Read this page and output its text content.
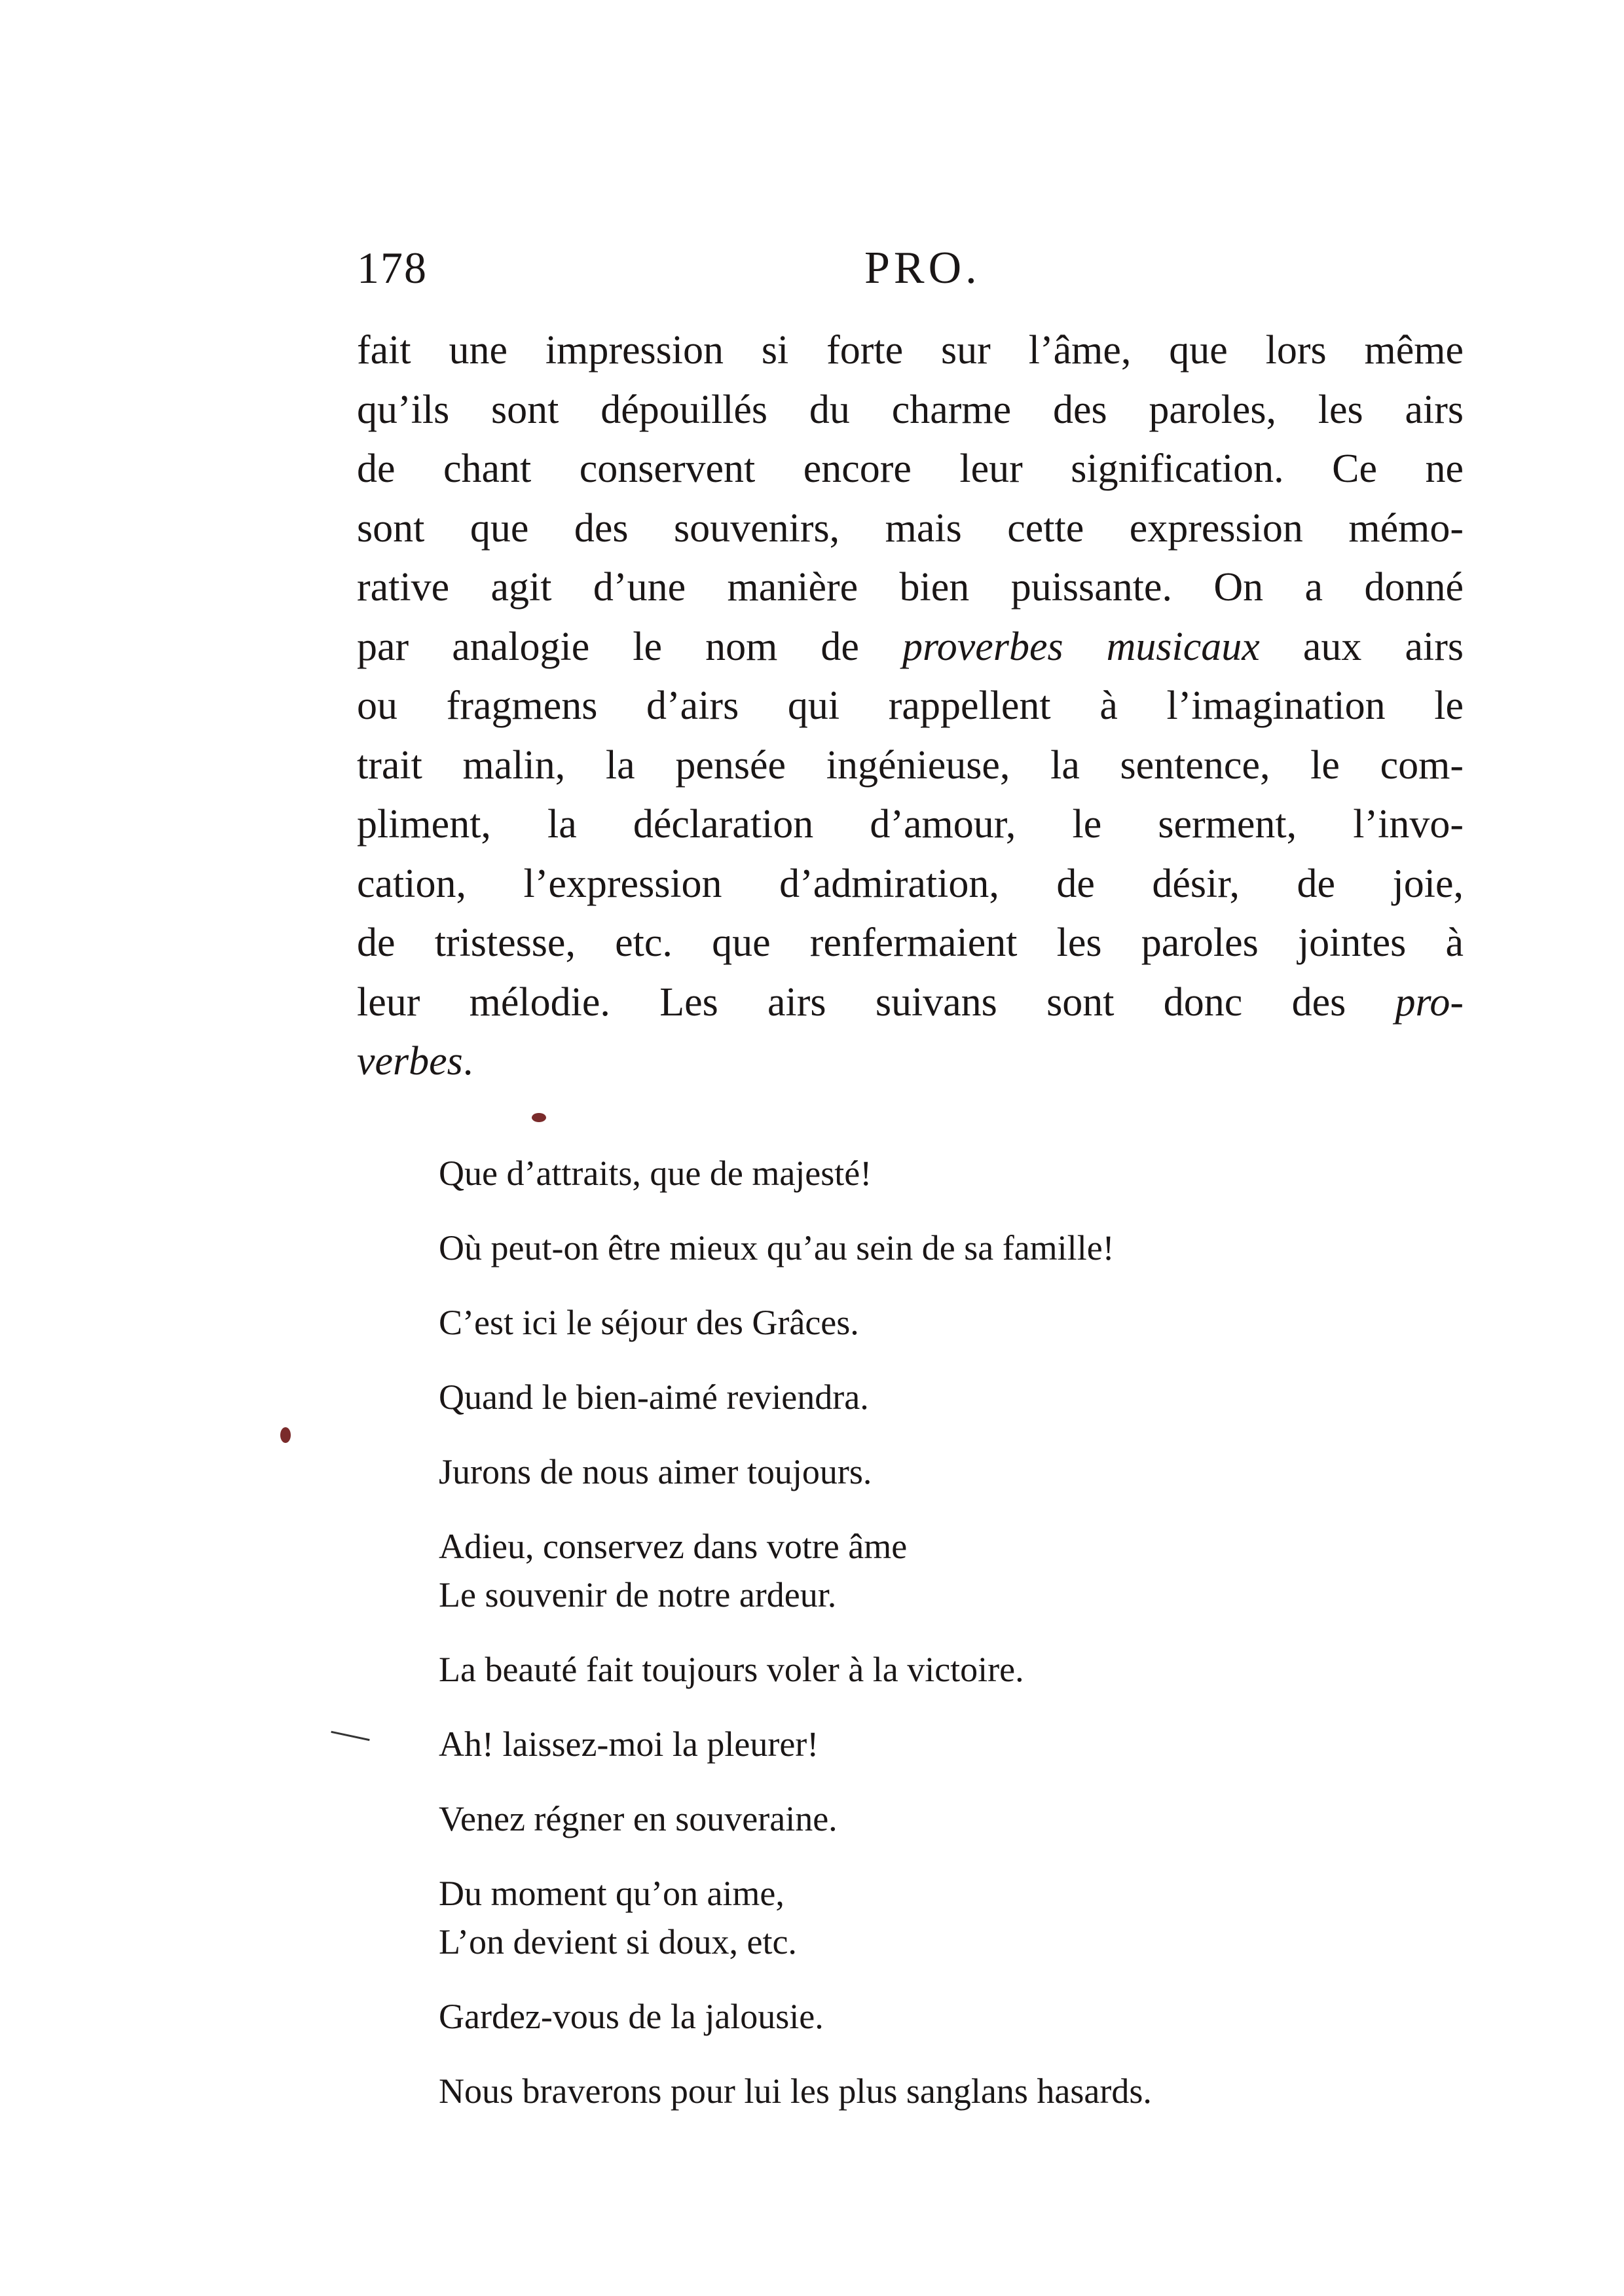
178	PRO.
fait une impression si forte sur l’âme, que lors même
qu’ils sont dépouillés du charme des paroles, les airs
de chant conservent encore leur signification. Ce ne
sont que des souvenirs, mais cette expression mémo-
rative agit d’une manière bien puissante. On a donné
par analogie le nom de proverbes musicaux aux airs
ou fragmens d’airs qui rappellent à l’imagination le
trait malin, la pensée ingénieuse, la sentence, le com-
pliment, la déclaration d’amour, le serment, l’invo-
cation, l’expression d’admiration, de désir, de joie,
de tristesse, etc. que renfermaient les paroles jointes à
leur mélodie. Les airs suivans sont donc des pro-
verbes.
Que d’attraits, que de majesté!
Où peut-on être mieux qu’au sein de sa famille!
C’est ici le séjour des Grâces.
Quand le bien-aimé reviendra.
Jurons de nous aimer toujours.
Adieu, conservez dans votre âme
Le souvenir de notre ardeur.
La beauté fait toujours voler à la victoire.
Ah! laissez-moi la pleurer!
Venez régner en souveraine.
Du moment qu’on aime,
L’on devient si doux, etc.
Gardez-vous de la jalousie.
Nous braverons pour lui les plus sanglans hasards.
